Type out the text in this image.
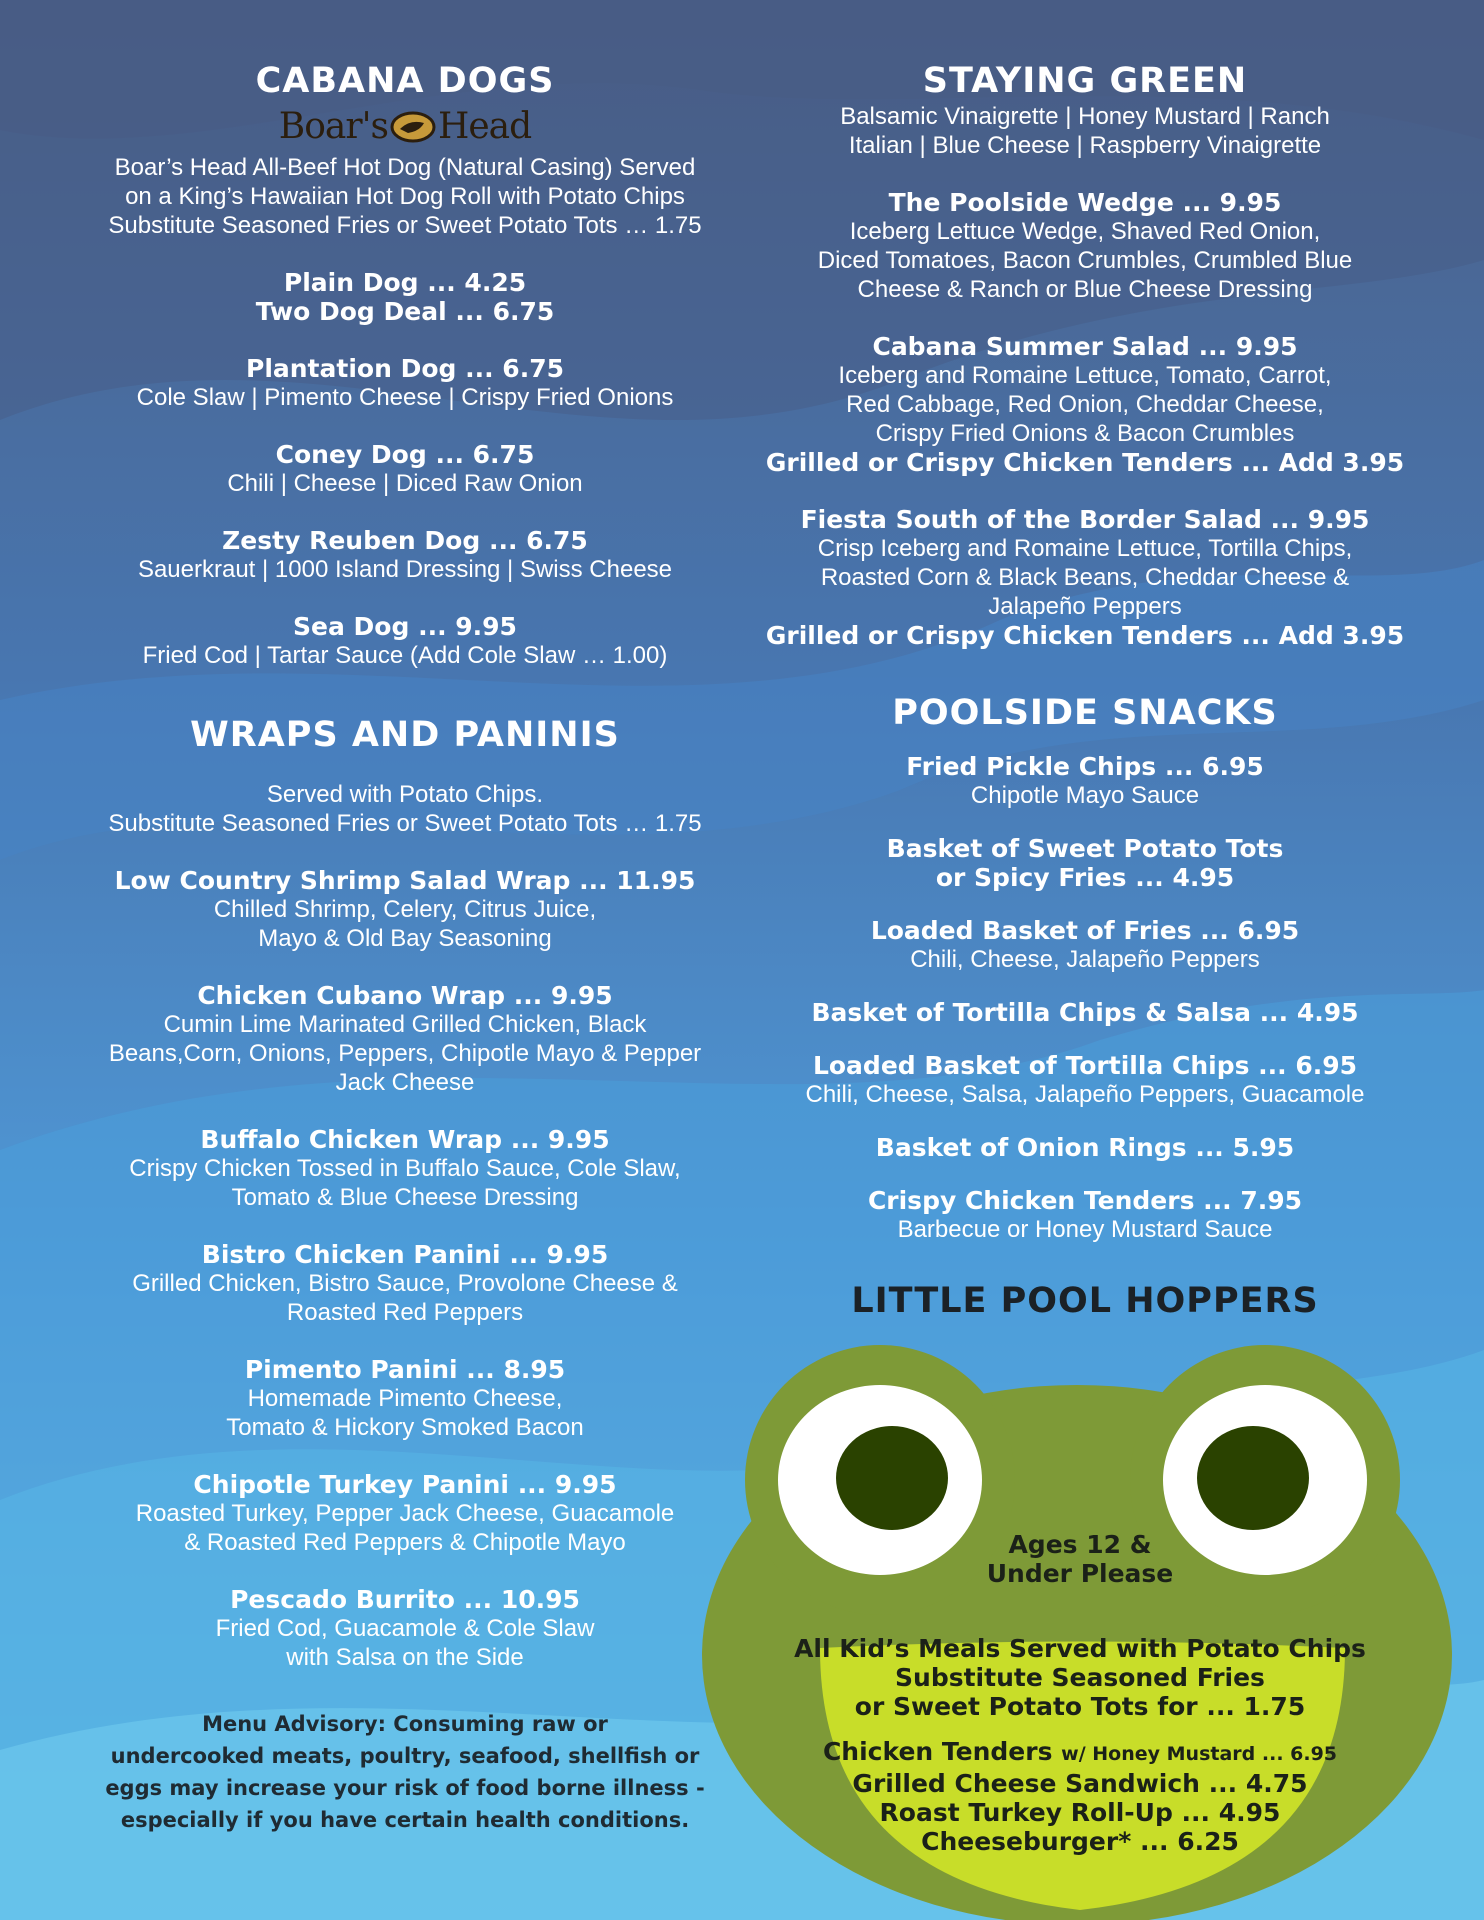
CABANA DOGS
Boar's Head
Boar’s Head All-Beef Hot Dog (Natural Casing) Served
on a King’s Hawaiian Hot Dog Roll with Potato Chips
Substitute Seasoned Fries or Sweet Potato Tots … 1.75
Plain Dog ... 4.25
Two Dog Deal ... 6.75
Plantation Dog ... 6.75
Cole Slaw | Pimento Cheese | Crispy Fried Onions
Coney Dog ... 6.75
Chili | Cheese | Diced Raw Onion
Zesty Reuben Dog ... 6.75
Sauerkraut | 1000 Island Dressing | Swiss Cheese
Sea Dog ... 9.95
Fried Cod | Tartar Sauce (Add Cole Slaw … 1.00)
WRAPS AND PANINIS
Served with Potato Chips.
Substitute Seasoned Fries or Sweet Potato Tots … 1.75
Low Country Shrimp Salad Wrap ... 11.95
Chilled Shrimp, Celery, Citrus Juice,
Mayo & Old Bay Seasoning
Chicken Cubano Wrap ... 9.95
Cumin Lime Marinated Grilled Chicken, Black
Beans,Corn, Onions, Peppers, Chipotle Mayo & Pepper
Jack Cheese
Buffalo Chicken Wrap ... 9.95
Crispy Chicken Tossed in Buffalo Sauce, Cole Slaw,
Tomato & Blue Cheese Dressing
Bistro Chicken Panini ... 9.95
Grilled Chicken, Bistro Sauce, Provolone Cheese &
Roasted Red Peppers
Pimento Panini ... 8.95
Homemade Pimento Cheese,
Tomato & Hickory Smoked Bacon
Chipotle Turkey Panini ... 9.95
Roasted Turkey, Pepper Jack Cheese, Guacamole
& Roasted Red Peppers & Chipotle Mayo
Pescado Burrito ... 10.95
Fried Cod, Guacamole & Cole Slaw
with Salsa on the Side
Menu Advisory: Consuming raw or
undercooked meats, poultry, seafood, shellfish or
eggs may increase your risk of food borne illness -
especially if you have certain health conditions.
STAYING GREEN
Balsamic Vinaigrette | Honey Mustard | Ranch
Italian | Blue Cheese | Raspberry Vinaigrette
The Poolside Wedge ... 9.95
Iceberg Lettuce Wedge, Shaved Red Onion,
Diced Tomatoes, Bacon Crumbles, Crumbled Blue
Cheese & Ranch or Blue Cheese Dressing
Cabana Summer Salad ... 9.95
Iceberg and Romaine Lettuce, Tomato, Carrot,
Red Cabbage, Red Onion, Cheddar Cheese,
Crispy Fried Onions & Bacon Crumbles
Grilled or Crispy Chicken Tenders ... Add 3.95
Fiesta South of the Border Salad ... 9.95
Crisp Iceberg and Romaine Lettuce, Tortilla Chips,
Roasted Corn & Black Beans, Cheddar Cheese &
Jalapeño Peppers
Grilled or Crispy Chicken Tenders ... Add 3.95
POOLSIDE SNACKS
Fried Pickle Chips ... 6.95
Chipotle Mayo Sauce
Basket of Sweet Potato Tots
or Spicy Fries ... 4.95
Loaded Basket of Fries ... 6.95
Chili, Cheese, Jalapeño Peppers
Basket of Tortilla Chips & Salsa ... 4.95
Loaded Basket of Tortilla Chips ... 6.95
Chili, Cheese, Salsa, Jalapeño Peppers, Guacamole
Basket of Onion Rings ... 5.95
Crispy Chicken Tenders ... 7.95
Barbecue or Honey Mustard Sauce
LITTLE POOL HOPPERS
Ages 12 &
Under Please
All Kid’s Meals Served with Potato Chips
Substitute Seasoned Fries
or Sweet Potato Tots for ... 1.75
Chicken Tenders w/ Honey Mustard ... 6.95
Grilled Cheese Sandwich ... 4.75
Roast Turkey Roll-Up ... 4.95
Cheeseburger* ... 6.25
